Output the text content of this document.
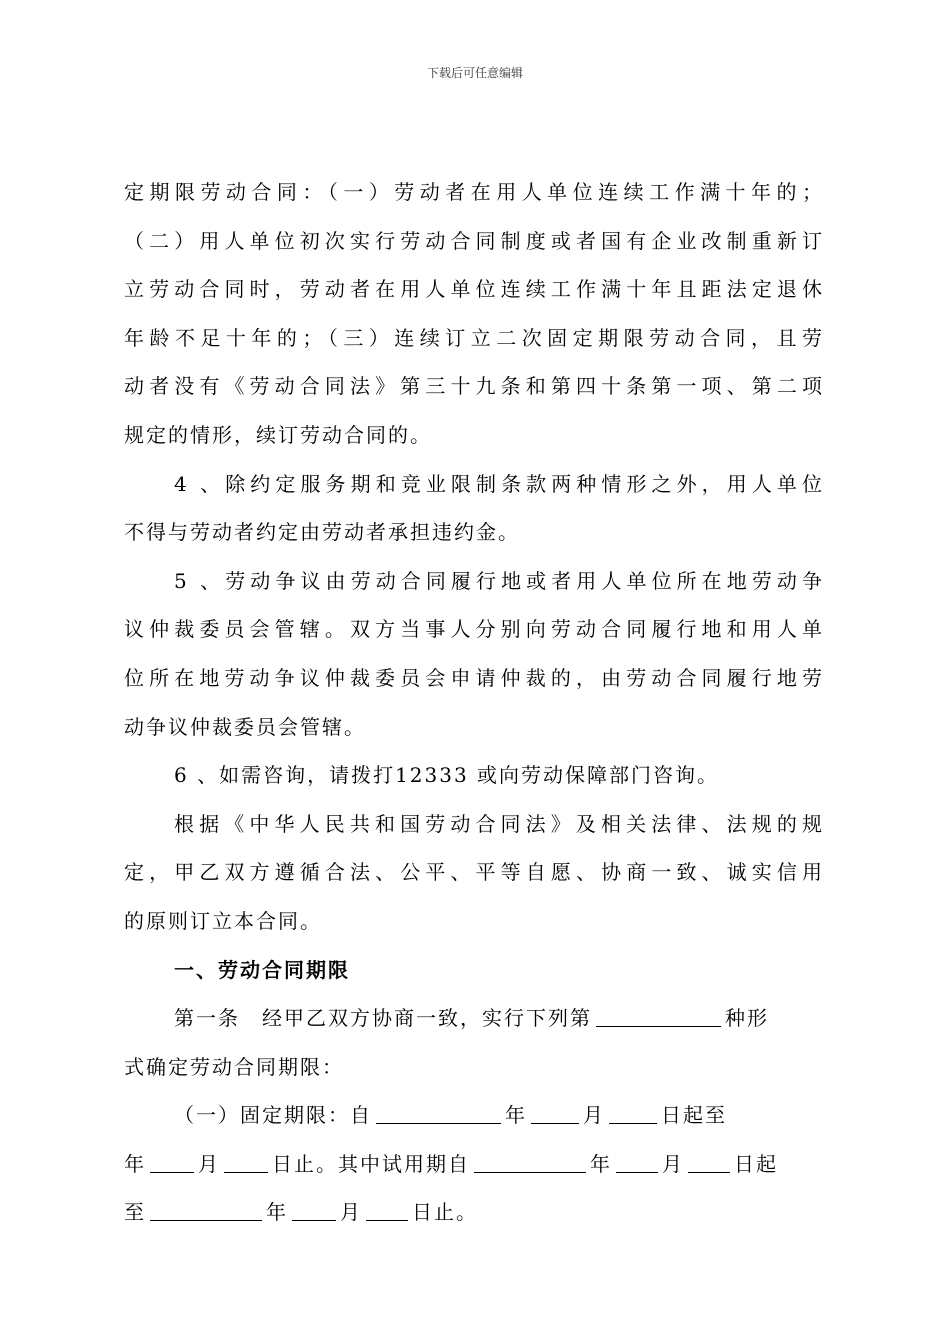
下载后可任意编辑
定期限劳动合同：（一）劳动者在用人单位连续工作满十年的；
（二）用人单位初次实行劳动合同制度或者国有企业改制重新订
立劳动合同时，劳动者在用人单位连续工作满十年且距法定退休
年龄不足十年的；（三）连续订立二次固定期限劳动合同，且劳
动者没有《劳动合同法》第三十九条和第四十条第一项、第二项
规定的情形，续订劳动合同的。
4 、除约定服务期和竞业限制条款两种情形之外，用人单位
不得与劳动者约定由劳动者承担违约金。
5 、劳动争议由劳动合同履行地或者用人单位所在地劳动争
议仲裁委员会管辖。双方当事人分别向劳动合同履行地和用人单
位所在地劳动争议仲裁委员会申请仲裁的，由劳动合同履行地劳
动争议仲裁委员会管辖。
6 、如需咨询，请拨打12333 或向劳动保障部门咨询。
根据《中华人民共和国劳动合同法》及相关法律、法规的规
定，甲乙双方遵循合法、公平、平等自愿、协商一致、诚实信用
的原则订立本合同。
一、劳动合同期限
第一条　经甲乙双方协商一致，实行下列第	种形
式确定劳动合同期限：
（一）固定期限：自	年	月	日起至
年	月	日止。其中试用期自	年	月	日起
至	年	月	日止。
